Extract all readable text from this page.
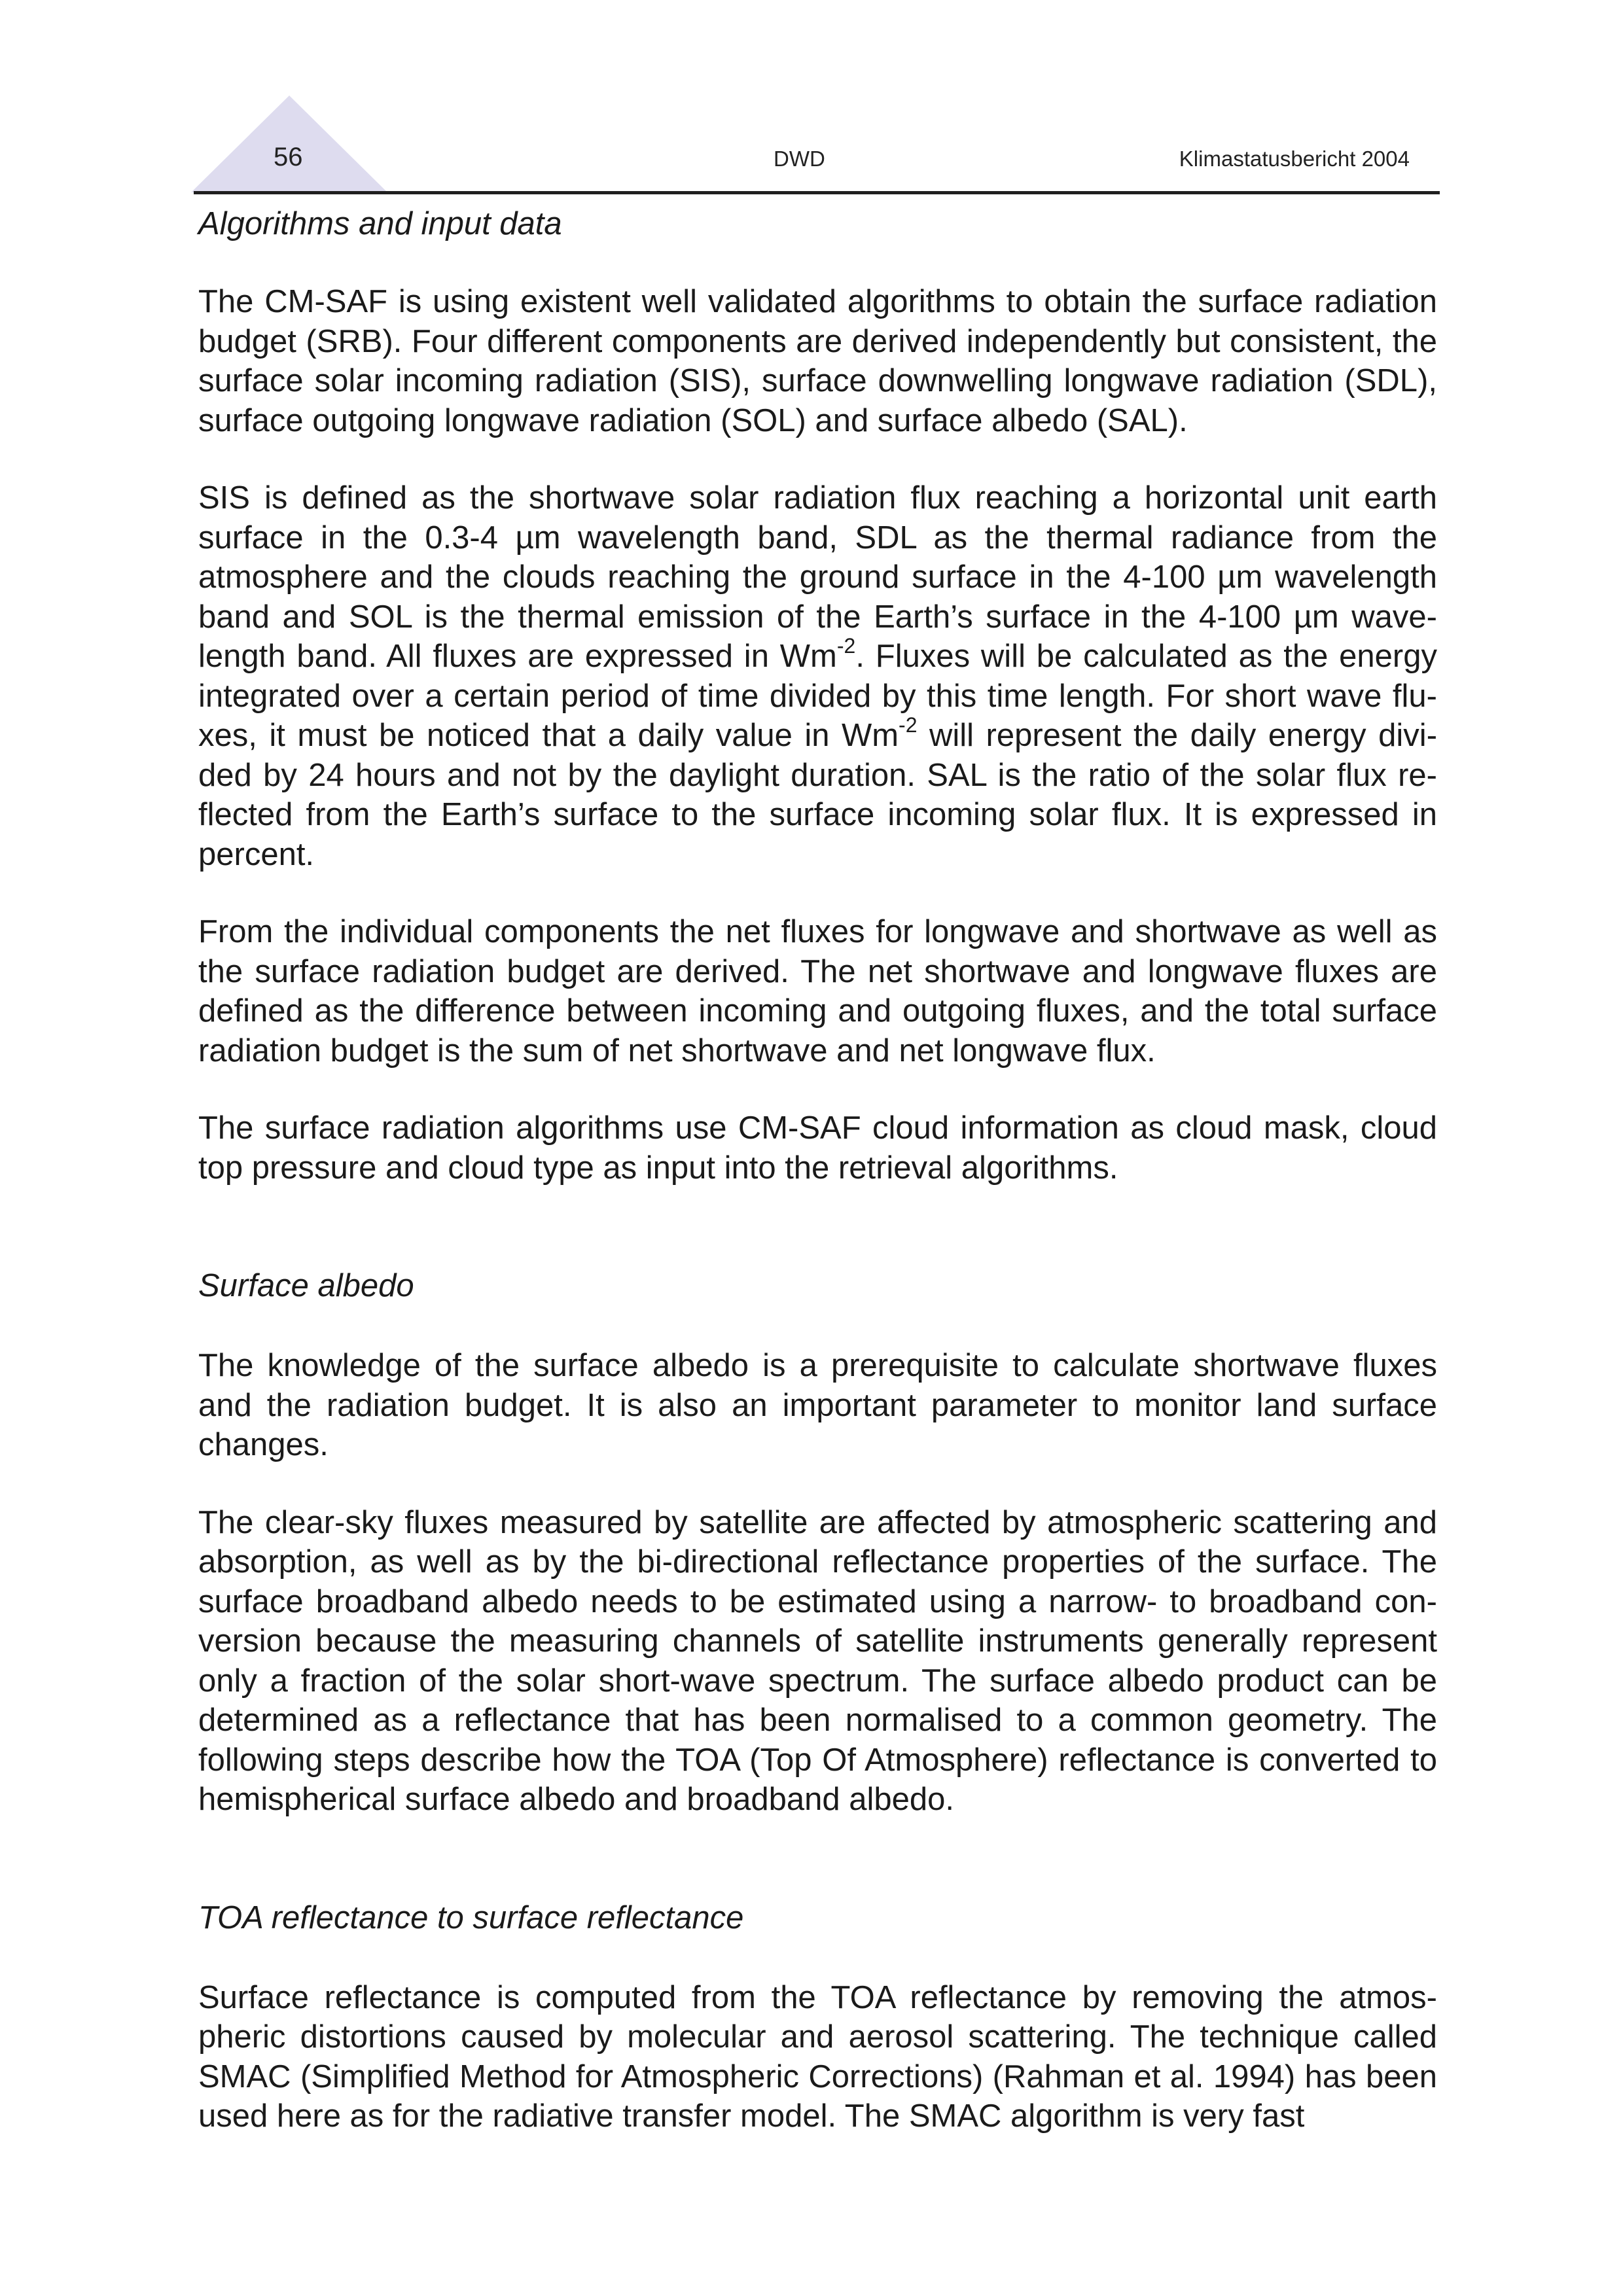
56	DWD	Klimastatusbericht 2004
Algorithms and input data

The CM-SAF is using existent well validated algorithms to obtain the surface radiation budget (SRB). Four different components are derived independently but consistent, the surface solar incoming radiation (SIS), surface downwelling longwave radiation (SDL), surface outgoing longwave radiation (SOL) and surface albedo (SAL).

SIS is defined as the shortwave solar radiation flux reaching a horizontal unit earth surface in the 0.3-4 µm wavelength band, SDL as the thermal radiance from the atmosphere and the clouds reaching the ground surface in the 4-100 µm wavelength band and SOL is the thermal emission of the Earth’s surface in the 4-100 µm wave-length band. All fluxes are expressed in $Wm^{-2}$. Fluxes will be calculated as the energy integrated over a certain period of time divided by this time length. For short wave flu-xes, it must be noticed that a daily value in $Wm^{-2}$ will represent the daily energy divi-ded by 24 hours and not by the daylight duration. SAL is the ratio of the solar flux re-flected from the Earth’s surface to the surface incoming solar flux. It is expressed in percent.

From the individual components the net fluxes for longwave and shortwave as well as the surface radiation budget are derived. The net shortwave and longwave fluxes are defined as the difference between incoming and outgoing fluxes, and the total surface radiation budget is the sum of net shortwave and net longwave flux.

The surface radiation algorithms use CM-SAF cloud information as cloud mask, cloud top pressure and cloud type as input into the retrieval algorithms.

Surface albedo

The knowledge of the surface albedo is a prerequisite to calculate shortwave fluxes and the radiation budget. It is also an important parameter to monitor land surface changes.

The clear-sky fluxes measured by satellite are affected by atmospheric scattering and absorption, as well as by the bi-directional reflectance properties of the surface. The surface broadband albedo needs to be estimated using a narrow- to broadband con-version because the measuring channels of satellite instruments generally represent only a fraction of the solar short-wave spectrum. The surface albedo product can be determined as a reflectance that has been normalised to a common geometry. The following steps describe how the TOA (Top Of Atmosphere) reflectance is converted to hemispherical surface albedo and broadband albedo.

TOA reflectance to surface reflectance

Surface reflectance is computed from the TOA reflectance by removing the atmos-pheric distortions caused by molecular and aerosol scattering. The technique called SMAC (Simplified Method for Atmospheric Corrections) (Rahman et al. 1994) has been used here as for the radiative transfer model. The SMAC algorithm is very fast
